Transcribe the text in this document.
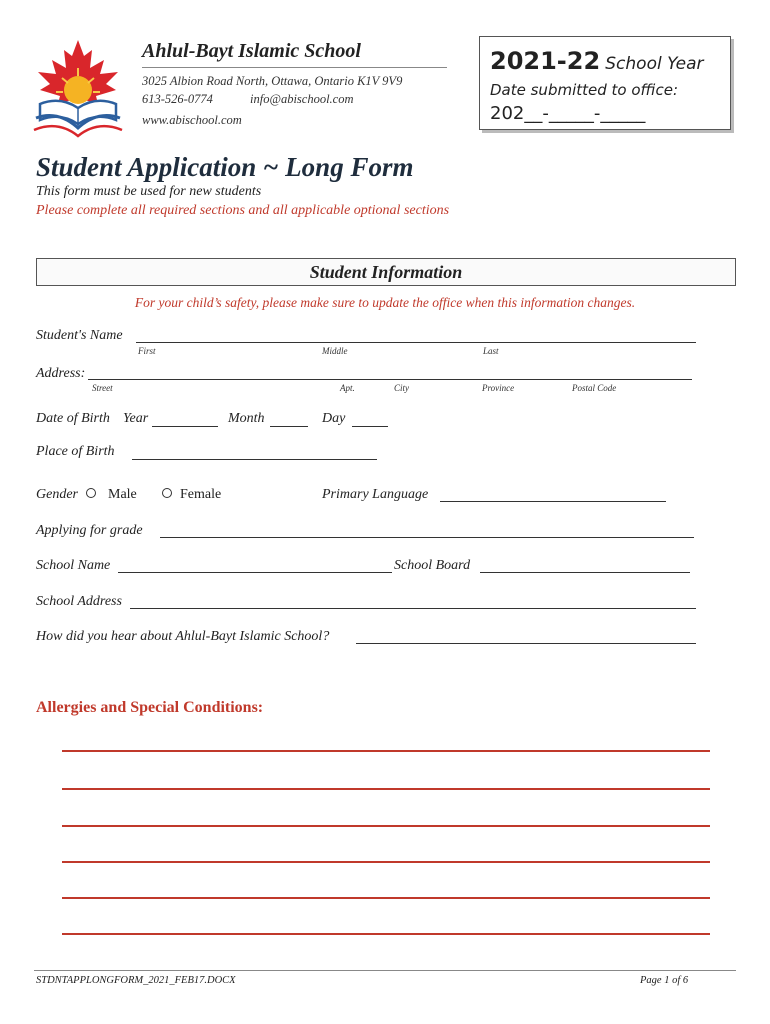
Ahlul-Bayt Islamic School
3025 Albion Road North, Ottawa, Ontario K1V 9V9
613-526-0774	info@abischool.com
www.abischool.com
2021-22 School Year
Date submitted to office:
202__-_____-_____
Student Application ~ Long Form
This form must be used for new students
Please complete all required sections and all applicable optional sections
Student Information
For your child’s safety, please make sure to update the office when this information changes.
Student's Name
First	Middle	Last
Address:
Street	Apt.	City	Province	Postal Code
Date of Birth Year	Month	Day
Place of Birth
Gender Male	Female	Primary Language
Applying for grade
School Name	School Board
School Address
How did you hear about Ahlul-Bayt Islamic School?
Allergies and Special Conditions:
STDNTAPPLONGFORM_2021_FEB17.DOCX	Page 1 of 6
